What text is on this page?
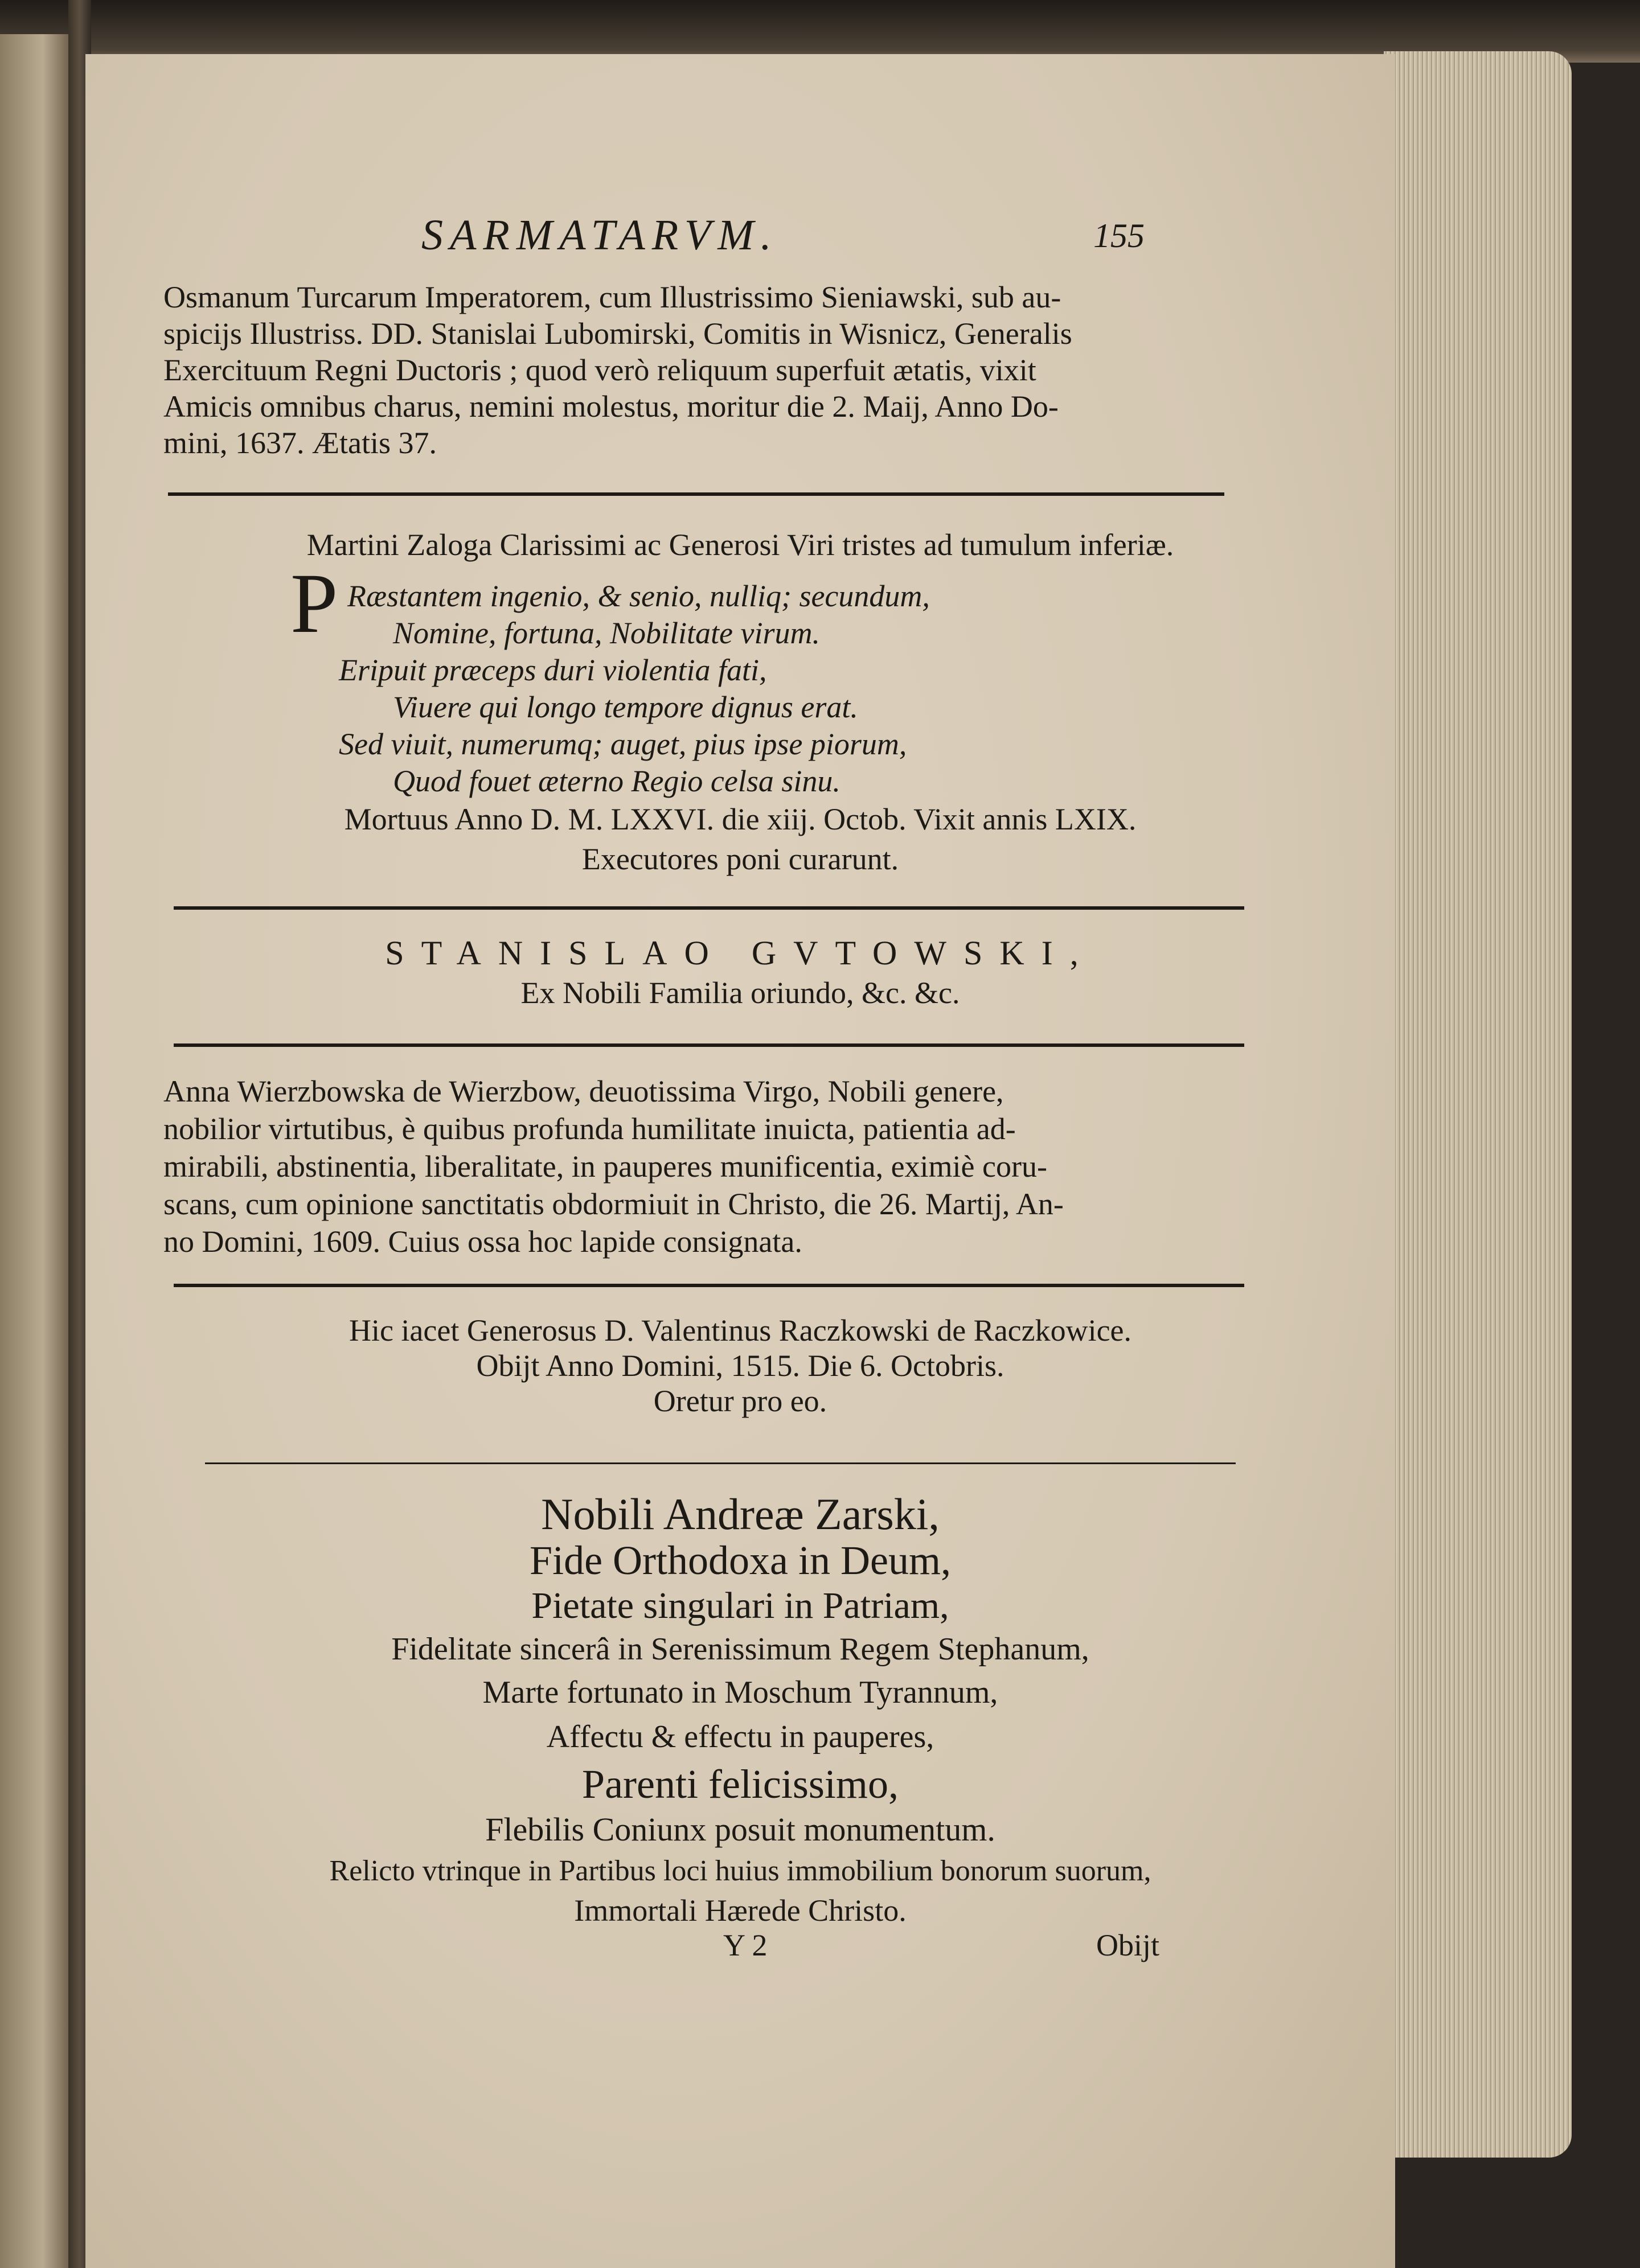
SARMATARVM.	155
Osmanum Turcarum Imperatorem, cum Illustrissimo Sieniawski, sub au-
spicijs Illustriss. DD. Stanislai Lubomirski, Comitis in Wisnicz, Generalis
Exercituum Regni Ductoris ; quod verò reliquum superfuit ætatis, vixit
Amicis omnibus charus, nemini molestus, moritur die 2. Maij, Anno Do-
mini, 1637. Ætatis 37.
Martini Zaloga Clarissimi ac Generosi Viri tristes ad tumulum inferiæ.
P Ræstantem ingenio, & senio, nulliq; secundum,
Nomine, fortuna, Nobilitate virum.
Eripuit præceps duri violentia fati,
Viuere qui longo tempore dignus erat.
Sed viuit, numerumq; auget, pius ipse piorum,
Quod fouet æterno Regio celsa sinu.
Mortuus Anno D. M. LXXVI. die xiij. Octob. Vixit annis LXIX.
Executores poni curarunt.
STANISLAO GVTOWSKI,
Ex Nobili Familia oriundo, &c. &c.
Anna Wierzbowska de Wierzbow, deuotissima Virgo, Nobili genere,
nobilior virtutibus, è quibus profunda humilitate inuicta, patientia ad-
mirabili, abstinentia, liberalitate, in pauperes munificentia, eximiè coru-
scans, cum opinione sanctitatis obdormiuit in Christo, die 26. Martij, An-
no Domini, 1609. Cuius ossa hoc lapide consignata.
Hic iacet Generosus D. Valentinus Raczkowski de Raczkowice.
Obijt Anno Domini, 1515. Die 6. Octobris.
Oretur pro eo.
Nobili Andreæ Zarski,
Fide Orthodoxa in Deum,
Pietate singulari in Patriam,
Fidelitate sincerâ in Serenissimum Regem Stephanum,
Marte fortunato in Moschum Tyrannum,
Affectu & effectu in pauperes,
Parenti felicissimo,
Flebilis Coniunx posuit monumentum.
Relicto vtrinque in Partibus loci huius immobilium bonorum suorum,
Immortali Hærede Christo.
Y 2	Obijt
